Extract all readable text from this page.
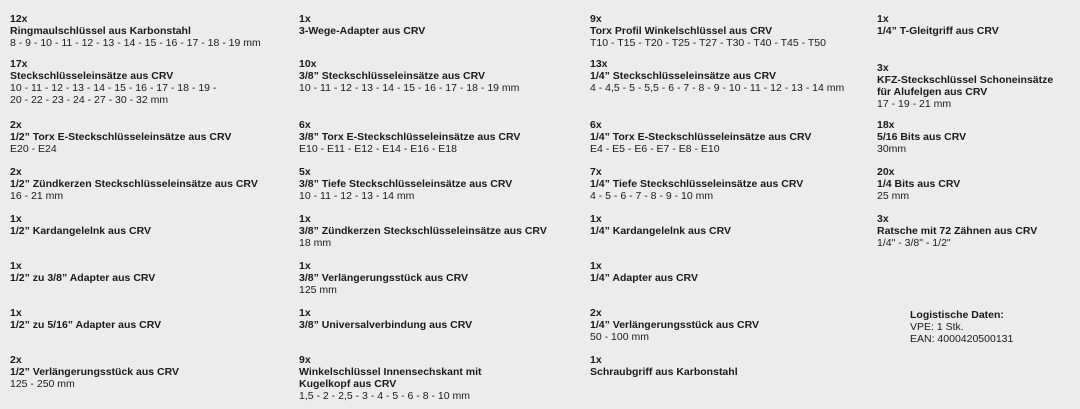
12x
Ringmaulschlüssel aus Karbonstahl
8 - 9 - 10 - 11 - 12 - 13 - 14 - 15 - 16 - 17 - 18 - 19 mm
17x
Steckschlüsseleinsätze aus CRV
10 - 11 - 12 - 13 - 14 - 15 - 16 - 17 - 18 - 19 -
20 - 22 - 23 - 24 - 27 - 30 - 32 mm
2x
1/2” Torx E-Steckschlüsseleinsätze aus CRV
E20 - E24
2x
1/2” Zündkerzen Steckschlüsseleinsätze aus CRV
16 - 21 mm
1x
1/2” Kardangelelnk aus CRV
1x
1/2” zu 3/8” Adapter aus CRV
1x
1/2” zu 5/16” Adapter aus CRV
2x
1/2” Verlängerungsstück aus CRV
125 - 250 mm
1x
3-Wege-Adapter aus CRV
10x
3/8” Steckschlüsseleinsätze aus CRV
10 - 11 - 12 - 13 - 14 - 15 - 16 - 17 - 18 - 19 mm
6x
3/8” Torx E-Steckschlüsseleinsätze aus CRV
E10 - E11 - E12 - E14 - E16 - E18
5x
3/8” Tiefe Steckschlüsseleinsätze aus CRV
10 - 11 - 12 - 13 - 14 mm
1x
3/8” Zündkerzen Steckschlüsseleinsätze aus CRV
18 mm
1x
3/8” Verlängerungsstück aus CRV
125 mm
1x
3/8” Universalverbindung aus CRV
9x
Winkelschlüssel Innensechskant mit
Kugelkopf aus CRV
1,5 - 2 - 2,5 - 3 - 4 - 5 - 6 - 8 - 10 mm
9x
Torx Profil Winkelschlüssel aus CRV
T10 - T15 - T20 - T25 - T27 - T30 - T40 - T45 - T50
13x
1/4” Steckschlüsseleinsätze aus CRV
4 - 4,5 - 5 - 5,5 - 6 - 7 - 8 - 9 - 10 - 11 - 12 - 13 - 14 mm
6x
1/4” Torx E-Steckschlüsseleinsätze aus CRV
E4 - E5 - E6 - E7 - E8 - E10
7x
1/4” Tiefe Steckschlüsseleinsätze aus CRV
4 - 5 - 6 - 7 - 8 - 9 - 10 mm
1x
1/4” Kardangelelnk aus CRV
1x
1/4” Adapter aus CRV
2x
1/4” Verlängerungsstück aus CRV
50 - 100 mm
1x
Schraubgriff aus Karbonstahl
1x
1/4” T-Gleitgriff aus CRV
3x
KFZ-Steckschlüssel Schoneinsätze
für Alufelgen aus CRV
17 - 19 - 21 mm
18x
5/16 Bits aus CRV
30mm
20x
1/4 Bits aus CRV
25 mm
3x
Ratsche mit 72 Zähnen aus CRV
1/4" - 3/8" - 1/2"
Logistische Daten:
VPE: 1 Stk.
EAN: 4000420500131
